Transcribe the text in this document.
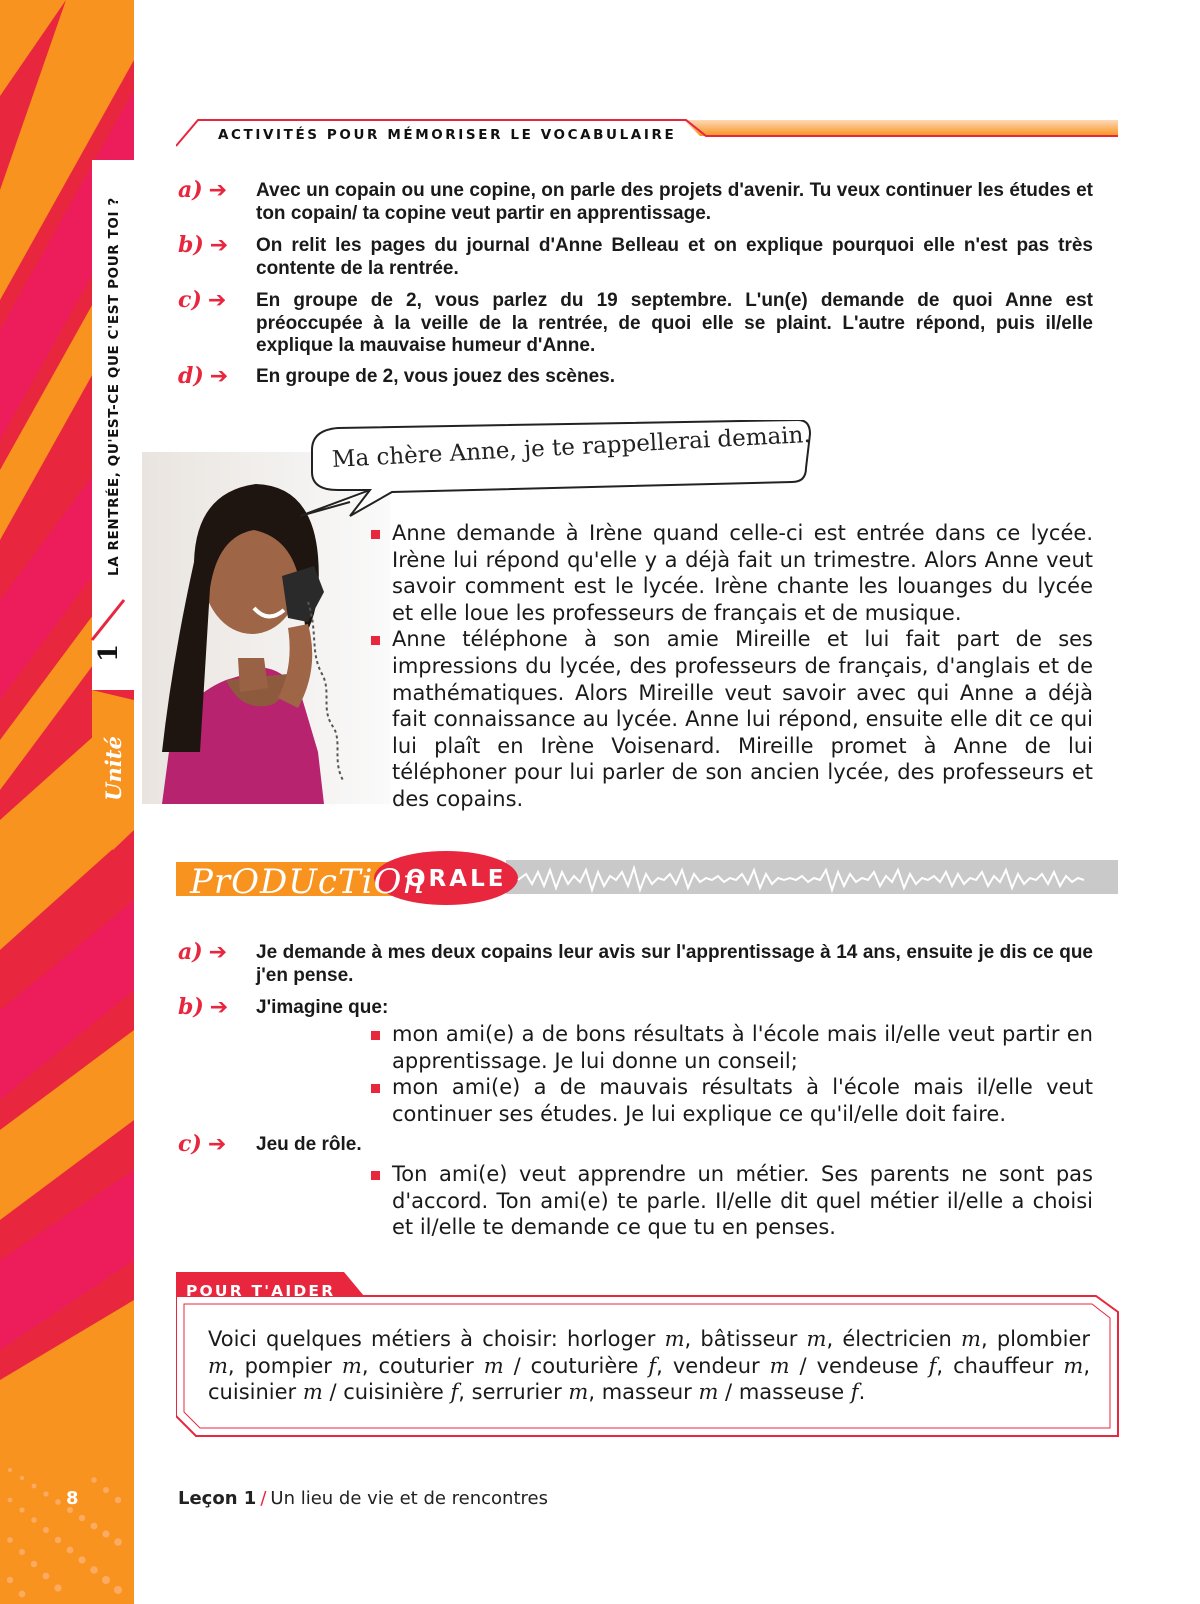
LA RENTRÉE, QU'EST-CE QUE C'EST POUR TOI ?
1
Unité
8
ACTIVITÉS POUR MÉMORISER LE VOCABULAIRE
a) ➔ Avec un copain ou une copine, on parle des projets d'avenir. Tu veux continuer les études et ton copain/ ta copine veut partir en apprentissage.
b) ➔ On relit les pages du journal d'Anne Belleau et on explique pourquoi elle n'est pas très contente de la rentrée.
c) ➔ En groupe de 2, vous parlez du 19 septembre. L'un(e) demande de quoi Anne est préoccupée à la veille de la rentrée, de quoi elle se plaint. L'autre répond, puis il/elle explique la mauvaise humeur d'Anne.
d) ➔ En groupe de 2, vous jouez des scènes.
Ma chère Anne, je te rappellerai demain.
Anne demande à Irène quand celle-ci est entrée dans ce lycée. Irène lui répond qu'elle y a déjà fait un trimestre. Alors Anne veut savoir comment est le lycée. Irène chante les louanges du lycée et elle loue les professeurs de français et de musique.
Anne téléphone à son amie Mireille et lui fait part de ses impressions du lycée, des professeurs de français, d'anglais et de mathématiques. Alors Mireille veut savoir avec qui Anne a déjà fait connaissance au lycée. Anne lui répond, ensuite elle dit ce qui lui plaît en Irène Voisenard. Mireille promet à Anne de lui téléphoner pour lui parler de son ancien lycée, des professeurs et des copains.
PrODUcTiOn
ORALE
a) ➔ Je demande à mes deux copains leur avis sur l'apprentissage à 14 ans, ensuite je dis ce que j'en pense.
b) ➔ J'imagine que:
mon ami(e) a de bons résultats à l'école mais il/elle veut partir en apprentissage. Je lui donne un conseil;
mon ami(e) a de mauvais résultats à l'école mais il/elle veut continuer ses études. Je lui explique ce qu'il/elle doit faire.
c) ➔ Jeu de rôle.
Ton ami(e) veut apprendre un métier. Ses parents ne sont pas d'accord. Ton ami(e) te parle. Il/elle dit quel métier il/elle a choisi et il/elle te demande ce que tu en penses.
POUR T'AIDER
Voici quelques métiers à choisir: horloger m, bâtisseur m, électricien m, plombier m, pompier m, couturier m / couturière f, vendeur m / vendeuse f, chauffeur m, cuisinier m / cuisinière f, serrurier m, masseur m / masseuse f.
Leçon 1 / Un lieu de vie et de rencontres
